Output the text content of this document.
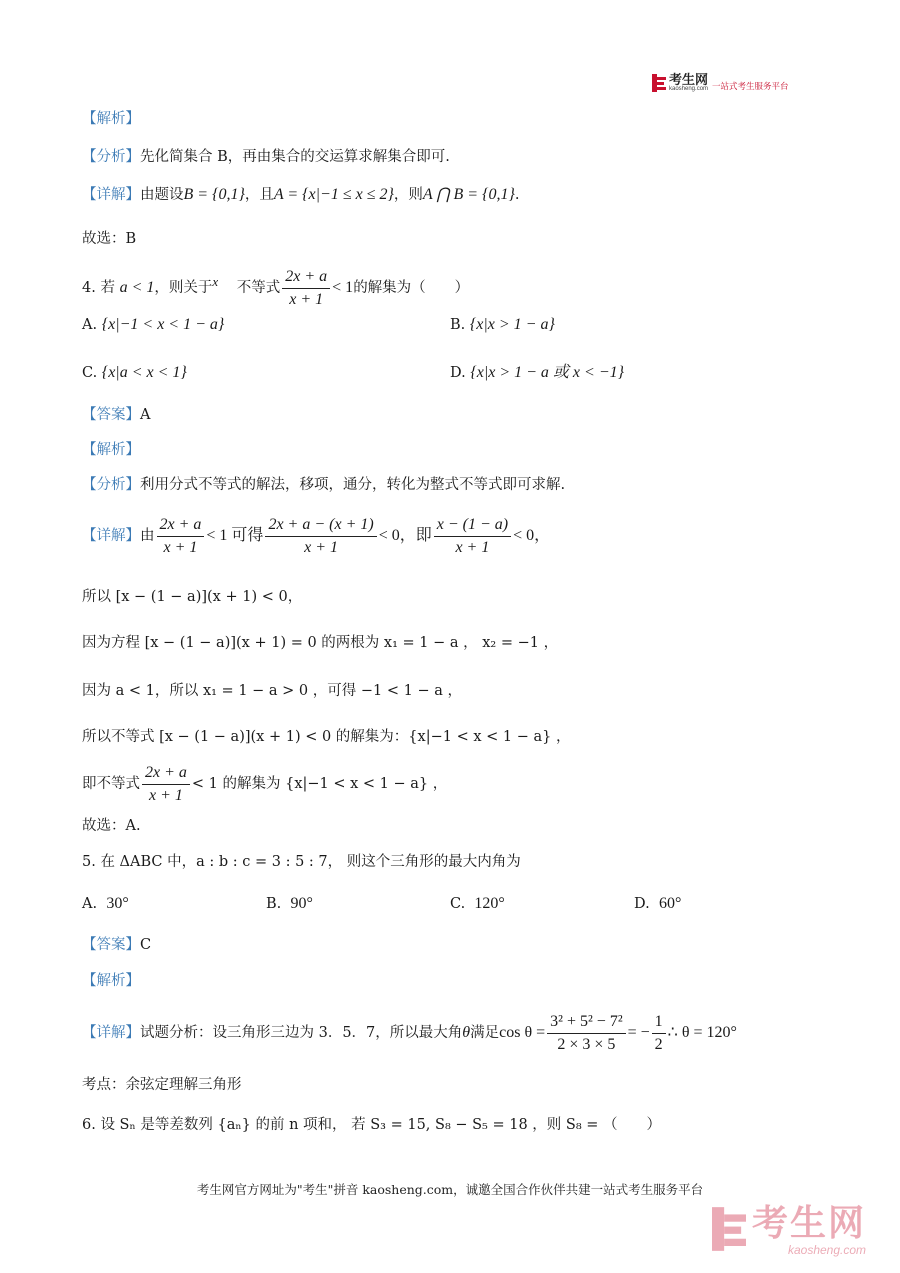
考生网
kaosheng.com 一站式考生服务平台
【解析】
【分析】先化简集合 B，再由集合的交运算求解集合即可.
【详解】由题设B = {0,1}，且A = {x|−1 ≤ x ≤ 2}，则A ⋂ B = {0,1}.
故选：B
4. 若 a < 1，则关于x 不等式 $\frac{2x + a}{x + 1} < 1$的解集为（　　）
A. {x|−1 < x < 1 − a}	B. {x|x > 1 − a}
C. {x|a < x < 1}	D. {x|x > 1 − a 或 x < −1}
【答案】A
【解析】
【分析】利用分式不等式的解法，移项，通分，转化为整式不等式即可求解.
【详解】由 $\frac{2x + a}{x + 1} < 1$ 可得 $\frac{2x + a - (x + 1)}{x + 1} < 0$，即 $\frac{x - (1 - a)}{x + 1} < 0$，
所以 [x − (1 − a)](x + 1) < 0，
因为方程 [x − (1 − a)](x + 1) = 0 的两根为 x₁ = 1 − a ， x₂ = −1 ，
因为 a < 1，所以 x₁ = 1 − a > 0 ，可得 −1 < 1 − a ，
所以不等式 [x − (1 − a)](x + 1) < 0 的解集为：{x|−1 < x < 1 − a} ，
即不等式 $\frac{2x + a}{x + 1} < 1$ 的解集为 {x|−1 < x < 1 − a} ，
故选：A.
5. 在 ΔABC 中，a : b : c = 3 : 5 : 7， 则这个三角形的最大内角为
A. 30°	B. 90°	C. 120°	D. 60°
【答案】C
【解析】
【详解】试题分析：设三角形三边为 3．5．7，所以最大角θ满足$\cos \theta = \frac{\text{3² + 5² − 7²}}{2 \times 3 \times 5}$ = − $\frac{1}{2}$ ∴ θ = 120°
考点：余弦定理解三角形
6. 设 Sₙ 是等差数列 {aₙ} 的前 n 项和， 若 S₃ = 15, S₈ − S₅ = 18 ，则 S₈ = （　　）
考生网官方网址为"考生"拼音 kaosheng.com，诚邀全国合作伙伴共建一站式考生服务平台
考生网
kaosheng.com
